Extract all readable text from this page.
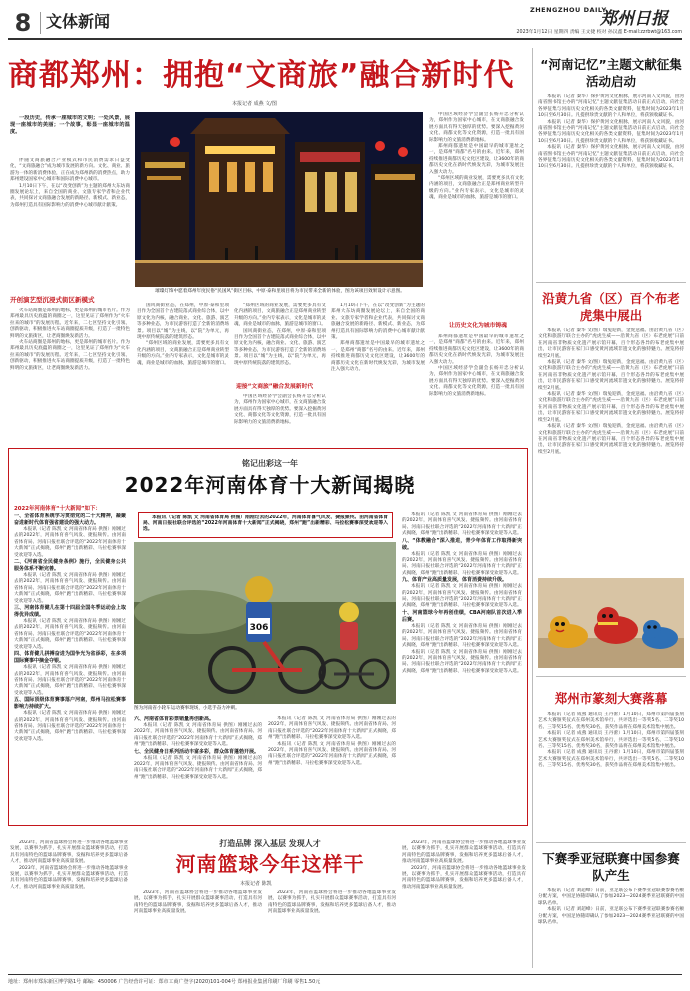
8 文体新闻
ZHENGZHOU DAILY
郑州日报
2023年1月12日 星期四 责编 王文捷 校对 孙汉鑫 E-mail:zzrbwt@163.com
商都郑州：拥抱“文商旅”融合新时代
本报记者 成燕 文/图

一段历史，传承一座城市的文明；一处风景，展现一座城市的美丽；一个故事，彰显一座城市的温度。

伴随文商旅融合产业模式和市民消费需求日益变化，“文商旅融合”成为城市发展的新方向。文化、商业、旅游为一体的新消费体验，正在成为郑州新的消费热点，助力郑州建设国家中心城市和国际消费中心城市。

1月10日下午，在以“改变创新”为主题的郑州大东坊商圈发展论坛上，来自全国的商业、文旅专家学者和企业代表，共同探讨文商旅融合发展的新路径、新模式、新业态，为郑州打造具有国际影响力的消费中心城市献计献策。

璀璨灯饰中愿着郑州年度民俗“民国风”街区目标，中原·泰和里项目将为市民带来全新的体验，图为该项目效果设计示意图。
开创演艺型沉浸式街区新模式

火车站商圈是郑州的地标，更是郑州的城市名片。作为郑州最具历史底蕴的商圈之一，这里见证了郑州作为“火车拉来的城市”的发展历程。近年来，二七区坚持文化引领、创新驱动，积极推进火车站商圈提质升级，打造了一批特色鲜明的文旅街区，让老商圈焕发新活力。

火车站商圈是郑州的地标，更是郑州的城市名片。作为郑州最具历史底蕴的商圈之一，这里见证了郑州作为“火车拉来的城市”的发展历程。近年来，二七区坚持文化引领、创新驱动，积极推进火车站商圈提质升级，打造了一批特色鲜明的文旅街区，让老商圈焕发新活力。

国风商街业态，在郑州，中原·泰和里项目作为全国首个古建院落式商业综合体，以中原文化为内核，融合商业、文化、旅游、演艺等多种业态，为市民游客打造了全新的消费场景。项目以“城”为主线，以“院”为单元，再现中原传统院落的建筑形态。

“郑州区域的商业发展，需要更多具有文化内涵的项目，文商旅融合正是郑州商业转型升级的方向。”业内专家表示，文化是城市的灵魂，商业是城市的血脉，旅游是城市的窗口。

“郑州区域的商业发展，需要更多具有文化内涵的项目，文商旅融合正是郑州商业转型升级的方向。”业内专家表示，文化是城市的灵魂，商业是城市的血脉，旅游是城市的窗口。

国风商街业态，在郑州，中原·泰和里项目作为全国首个古建院落式商业综合体，以中原文化为内核，融合商业、文化、旅游、演艺等多种业态，为市民游客打造了全新的消费场景。项目以“城”为主线，以“院”为单元，再现中原传统院落的建筑形态。

迎接“文商旅”融合发展新时代

中国区域经济学会副会长杨开忠分析认为，郑州作为国家中心城市，在文商旅融合发展方面具有得天独厚的优势。要深入挖掘黄河文化、商都文化等文化资源，打造一批具有国际影响力的文旅消费新地标。

中国区域经济学会副会长杨开忠分析认为，郑州作为国家中心城市，在文商旅融合发展方面具有得天独厚的优势。要深入挖掘黄河文化、商都文化等文化资源，打造一批具有国际影响力的文旅消费新地标。

郑州商都遗址是中国最早的城市遗址之一，是郑州“商都”名号的由来。近年来，郑州持续推进商都历史文化区建设，让3600年的商都历史文化在新时代焕发光彩，为城市发展注入强大动力。

“郑州区域的商业发展，需要更多具有文化内涵的项目，文商旅融合正是郑州商业转型升级的方向。”业内专家表示，文化是城市的灵魂，商业是城市的血脉，旅游是城市的窗口。

让历史文化为城市铸魂

郑州商都遗址是中国最早的城市遗址之一，是郑州“商都”名号的由来。近年来，郑州持续推进商都历史文化区建设，让3600年的商都历史文化在新时代焕发光彩，为城市发展注入强大动力。

中国区域经济学会副会长杨开忠分析认为，郑州作为国家中心城市，在文商旅融合发展方面具有得天独厚的优势。要深入挖掘黄河文化、商都文化等文化资源，打造一批具有国际影响力的文旅消费新地标。

1月10日下午，在以“改变创新”为主题的郑州大东坊商圈发展论坛上，来自全国的商业、文旅专家学者和企业代表，共同探讨文商旅融合发展的新路径、新模式、新业态，为郑州打造具有国际影响力的消费中心城市献计献策。

郑州商都遗址是中国最早的城市遗址之一，是郑州“商都”名号的由来。近年来，郑州持续推进商都历史文化区建设，让3600年的商都历史文化在新时代焕发光彩，为城市发展注入强大动力。

铭记出彩这一年
2022年河南体育十大新闻揭晓
2022年河南体育“十大新闻”如下：

一、全省体育系统学习贯彻党的二十大精神，凝聚奋进新时代体育强省建设的强大动力。

本报讯（记者 陈凯 文 河南省体育局 供图）刚刚过去的2022年，河南体育喜气风发、捷报频传。由河南省体育局、河南日报社联合评选的“2022年河南体育十大新闻”正式揭晓，郑州“跑”出新精彩、马拉松赛事深受欢迎等入选。

二、《河南省全民健身条例》施行，全民健身公共服务体系不断完善。

本报讯（记者 陈凯 文 河南省体育局 供图）刚刚过去的2022年，河南体育喜气风发、捷报频传。由河南省体育局、河南日报社联合评选的“2022年河南体育十大新闻”正式揭晓，郑州“跑”出新精彩、马拉松赛事深受欢迎等入选。

三、河南体育健儿在第十四届全国冬季运动会上取得优异成绩。

本报讯（记者 陈凯 文 河南省体育局 供图）刚刚过去的2022年，河南体育喜气风发、捷报频传。由河南省体育局、河南日报社联合评选的“2022年河南体育十大新闻”正式揭晓，郑州“跑”出新精彩、马拉松赛事深受欢迎等入选。

四、体育健儿拼搏奋进为国争光为省添彩，在多项国际赛事中摘金夺银。

本报讯（记者 陈凯 文 河南省体育局 供图）刚刚过去的2022年，河南体育喜气风发、捷报频传。由河南省体育局、河南日报社联合评选的“2022年河南体育十大新闻”正式揭晓，郑州“跑”出新精彩、马拉松赛事深受欢迎等入选。

五、国际顶级体育赛事落户河南，郑州马拉松赛事影响力持续扩大。

本报讯（记者 陈凯 文 河南省体育局 供图）刚刚过去的2022年，河南体育喜气风发、捷报频传。由河南省体育局、河南日报社联合评选的“2022年河南体育十大新闻”正式揭晓，郑州“跑”出新精彩、马拉松赛事深受欢迎等入选。

本报讯（记者 陈凯 文 河南省体育局 供图）刚刚过去的2022年，河南体育喜气风发、捷报频传。由河南省体育局、河南日报社联合评选的“2022年河南体育十大新闻”正式揭晓，郑州“跑”出新精彩、马拉松赛事深受欢迎等入选。
306
图为河南省小轮车运动赛事现场，小选手奋力冲刺。

六、河南省体育彩票销量再创新高。

本报讯（记者 陈凯 文 河南省体育局 供图）刚刚过去的2022年，河南体育喜气风发、捷报频传。由河南省体育局、河南日报社联合评选的“2022年河南体育十大新闻”正式揭晓，郑州“跑”出新精彩、马拉松赛事深受欢迎等入选。

七、全民健身日系列活动丰富多彩，群众体育蓬勃开展。

本报讯（记者 陈凯 文 河南省体育局 供图）刚刚过去的2022年，河南体育喜气风发、捷报频传。由河南省体育局、河南日报社联合评选的“2022年河南体育十大新闻”正式揭晓，郑州“跑”出新精彩、马拉松赛事深受欢迎等入选。

本报讯（记者 陈凯 文 河南省体育局 供图）刚刚过去的2022年，河南体育喜气风发、捷报频传。由河南省体育局、河南日报社联合评选的“2022年河南体育十大新闻”正式揭晓，郑州“跑”出新精彩、马拉松赛事深受欢迎等入选。

本报讯（记者 陈凯 文 河南省体育局 供图）刚刚过去的2022年，河南体育喜气风发、捷报频传。由河南省体育局、河南日报社联合评选的“2022年河南体育十大新闻”正式揭晓，郑州“跑”出新精彩、马拉松赛事深受欢迎等入选。

本报讯（记者 陈凯 文 河南省体育局 供图）刚刚过去的2022年，河南体育喜气风发、捷报频传。由河南省体育局、河南日报社联合评选的“2022年河南体育十大新闻”正式揭晓，郑州“跑”出新精彩、马拉松赛事深受欢迎等入选。

八、“体教融合”深入推进，青少年体育工作取得新突破。

本报讯（记者 陈凯 文 河南省体育局 供图）刚刚过去的2022年，河南体育喜气风发、捷报频传。由河南省体育局、河南日报社联合评选的“2022年河南体育十大新闻”正式揭晓，郑州“跑”出新精彩、马拉松赛事深受欢迎等入选。

九、体育产业高质量发展，体育消费持续升级。

本报讯（记者 陈凯 文 河南省体育局 供图）刚刚过去的2022年，河南体育喜气风发、捷报频传。由河南省体育局、河南日报社联合评选的“2022年河南体育十大新闻”正式揭晓，郑州“跑”出新精彩、马拉松赛事深受欢迎等入选。

十、河南篮球今年再创佳绩，CBA河南队首次进入季后赛。

本报讯（记者 陈凯 文 河南省体育局 供图）刚刚过去的2022年，河南体育喜气风发、捷报频传。由河南省体育局、河南日报社联合评选的“2022年河南体育十大新闻”正式揭晓，郑州“跑”出新精彩、马拉松赛事深受欢迎等入选。

本报讯（记者 陈凯 文 河南省体育局 供图）刚刚过去的2022年，河南体育喜气风发、捷报频传。由河南省体育局、河南日报社联合评选的“2022年河南体育十大新闻”正式揭晓，郑州“跑”出新精彩、马拉松赛事深受欢迎等入选。

打造品牌 深入基层 发现人才
河南篮球今年这样干
本报记者 陈凯

2023年，河南省篮球协会将进一步推动各地篮球事业发展，以赛事为抓手，扎实开展群众篮球赛事活动，打造具有河南特色的篮球品牌赛事，发掘和培养更多篮球后备人才，推动河南篮球事业高质量发展。

2023年，河南省篮球协会将进一步推动各地篮球事业发展，以赛事为抓手，扎实开展群众篮球赛事活动，打造具有河南特色的篮球品牌赛事，发掘和培养更多篮球后备人才，推动河南篮球事业高质量发展。

2023年，河南省篮球协会将进一步推动各地篮球事业发展，以赛事为抓手，扎实开展群众篮球赛事活动，打造具有河南特色的篮球品牌赛事，发掘和培养更多篮球后备人才，推动河南篮球事业高质量发展。

2023年，河南省篮球协会将进一步推动各地篮球事业发展，以赛事为抓手，扎实开展群众篮球赛事活动，打造具有河南特色的篮球品牌赛事，发掘和培养更多篮球后备人才，推动河南篮球事业高质量发展。

2023年，河南省篮球协会将进一步推动各地篮球事业发展，以赛事为抓手，扎实开展群众篮球赛事活动，打造具有河南特色的篮球品牌赛事，发掘和培养更多篮球后备人才，推动河南篮球事业高质量发展。

2023年，河南省篮球协会将进一步推动各地篮球事业发展，以赛事为抓手，扎实开展群众篮球赛事活动，打造具有河南特色的篮球品牌赛事，发掘和培养更多篮球后备人才，推动河南篮球事业高质量发展。

“河南记忆”主题文献征集活动启动

本报讯（记者 秦华）保护黄河文化根脉，展示河南人文风貌，由河南省图书馆主办的“河南记忆”主题文献征集活动日前正式启动，向社会各界征集与河南历史文化相关的各类文献资料，征集时间为2023年1月10日至6月30日。凡提供珍贵文献的个人和单位，将获颁收藏证书。

本报讯（记者 秦华）保护黄河文化根脉，展示河南人文风貌，由河南省图书馆主办的“河南记忆”主题文献征集活动日前正式启动，向社会各界征集与河南历史文化相关的各类文献资料，征集时间为2023年1月10日至6月30日。凡提供珍贵文献的个人和单位，将获颁收藏证书。

本报讯（记者 秦华）保护黄河文化根脉，展示河南人文风貌，由河南省图书馆主办的“河南记忆”主题文献征集活动日前正式启动，向社会各界征集与河南历史文化相关的各类文献资料，征集时间为2023年1月10日至6月30日。凡提供珍贵文献的个人和单位，将获颁收藏证书。

沿黄九省（区）百个布老虎集中展出

本报讯（记者 秦华 文/图）瑞兔迎新，金虎送福。由沿黄九省（区）文化和旅游厅联合主办的“虎虎生威——沿黄九省（区）布老虎展”日前在河南省非物质文化遗产展示馆开幕，百个形态各异的布老虎集中展出，让市民游客在家门口感受黄河流域非遗文化的独特魅力。展览将持续至2月底。

本报讯（记者 秦华 文/图）瑞兔迎新，金虎送福。由沿黄九省（区）文化和旅游厅联合主办的“虎虎生威——沿黄九省（区）布老虎展”日前在河南省非物质文化遗产展示馆开幕，百个形态各异的布老虎集中展出，让市民游客在家门口感受黄河流域非遗文化的独特魅力。展览将持续至2月底。

本报讯（记者 秦华 文/图）瑞兔迎新，金虎送福。由沿黄九省（区）文化和旅游厅联合主办的“虎虎生威——沿黄九省（区）布老虎展”日前在河南省非物质文化遗产展示馆开幕，百个形态各异的布老虎集中展出，让市民游客在家门口感受黄河流域非遗文化的独特魅力。展览将持续至2月底。

本报讯（记者 秦华 文/图）瑞兔迎新，金虎送福。由沿黄九省（区）文化和旅游厅联合主办的“虎虎生威——沿黄九省（区）布老虎展”日前在河南省非物质文化遗产展示馆开幕，百个形态各异的布老虎集中展出，让市民游客在家门口感受黄河流域非遗文化的独特魅力。展览将持续至2月底。

郑州市篆刻大赛落幕

本报讯（记者 成燕 通讯员 王丹蕾）1月10日，郑州市第四届篆刻艺术大赛颁奖仪式在郑州美术馆举行，共评选出一等奖5名、二等奖10名、三等奖15名、优秀奖30名，获奖作品将在郑州美术馆集中展出。

本报讯（记者 成燕 通讯员 王丹蕾）1月10日，郑州市第四届篆刻艺术大赛颁奖仪式在郑州美术馆举行，共评选出一等奖5名、二等奖10名、三等奖15名、优秀奖30名，获奖作品将在郑州美术馆集中展出。

本报讯（记者 成燕 通讯员 王丹蕾）1月10日，郑州市第四届篆刻艺术大赛颁奖仪式在郑州美术馆举行，共评选出一等奖5名、二等奖10名、三等奖15名、优秀奖30名，获奖作品将在郑州美术馆集中展出。

下赛季亚冠联赛中国参赛队产生

本报讯（记者 刘超峰）日前，亚足联公布下赛季亚冠联赛参赛名额分配方案，中国足协随即确认了参加2023—2024赛季亚冠联赛的中国球队名单。

本报讯（记者 刘超峰）日前，亚足联公布下赛季亚冠联赛参赛名额分配方案，中国足协随即确认了参加2023—2024赛季亚冠联赛的中国球队名单。

地址：郑州市郑东新区博学路1号 邮编：450006 广告经营许可证：郑市工商广登字(2020)101-004号 郑州报业集团印刷厂印刷 零售1.50元
